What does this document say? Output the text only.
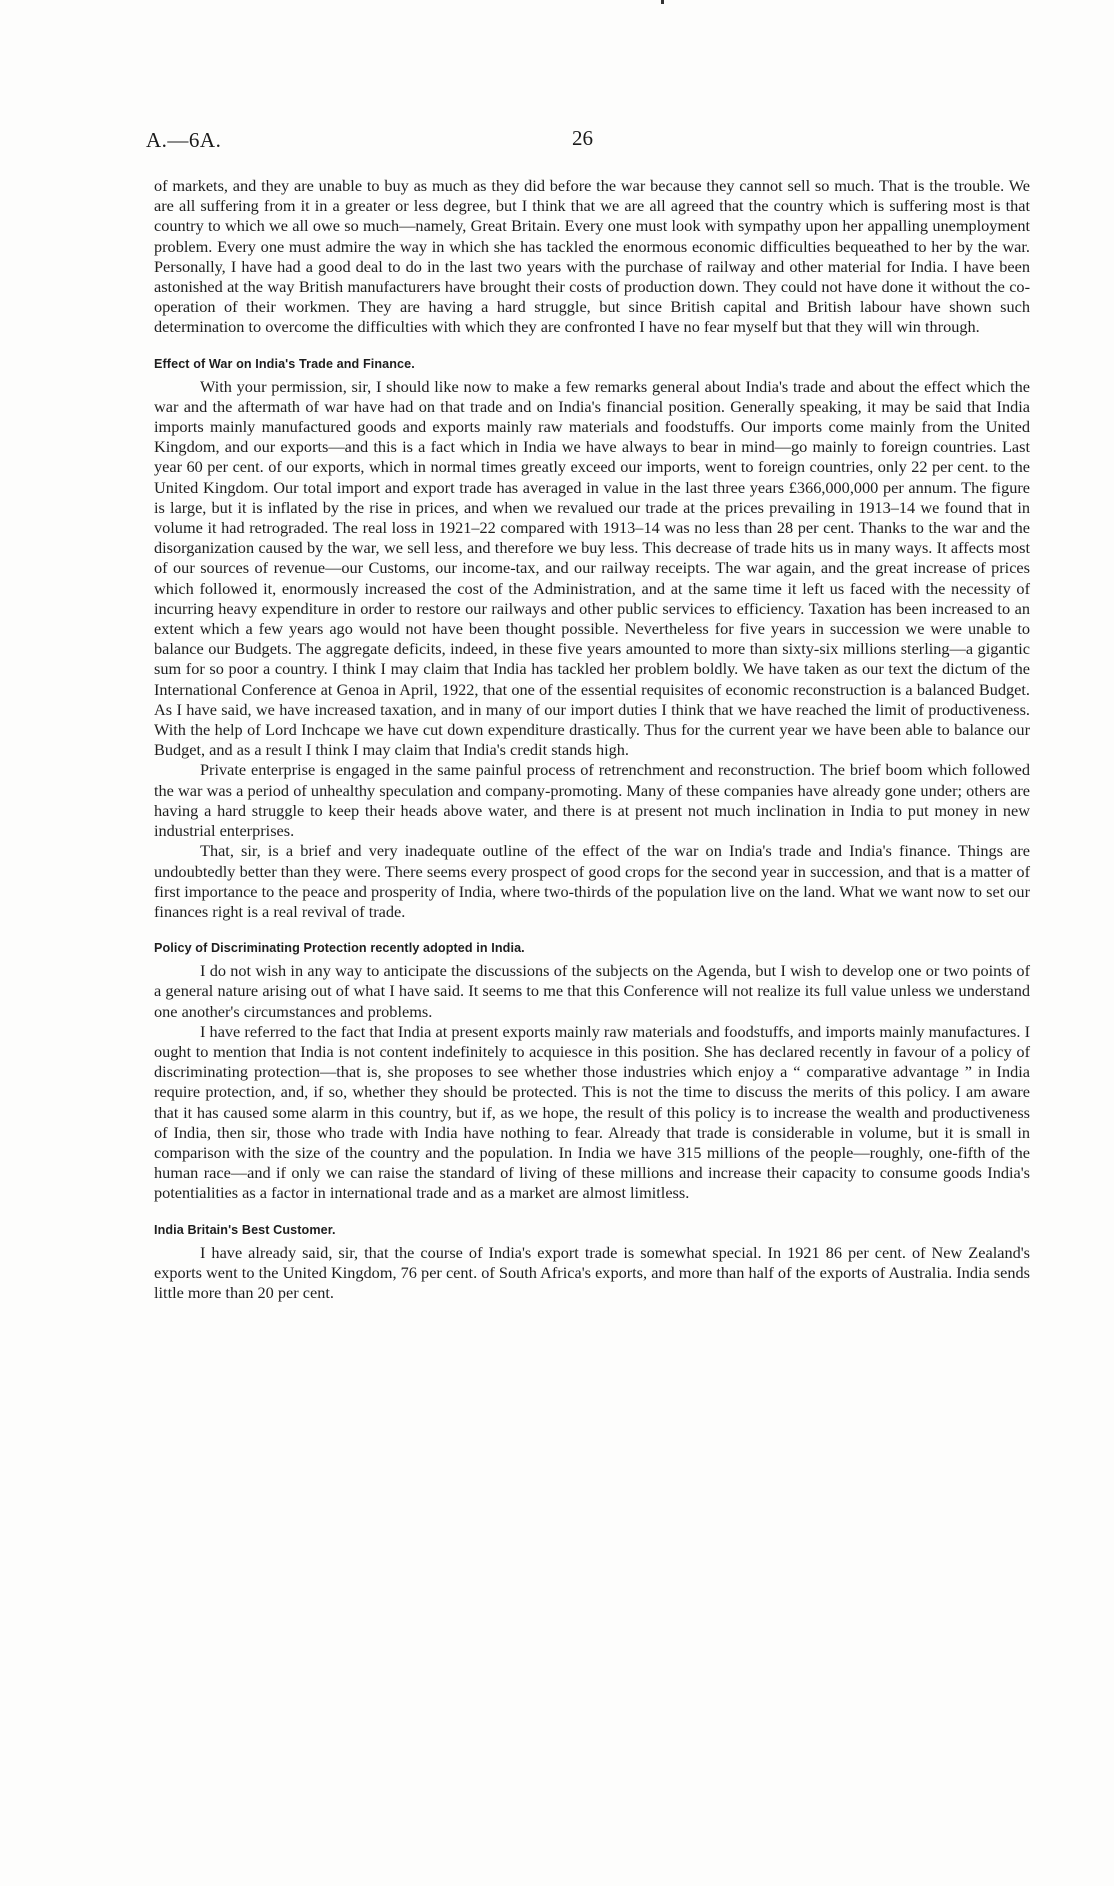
A.—6A.	26

of markets, and they are unable to buy as much as they did before the war because they cannot sell so much. That is the trouble. We are all suffering from it in a greater or less degree, but I think that we are all agreed that the country which is suffering most is that country to which we all owe so much—namely, Great Britain. Every one must look with sympathy upon her appalling unemployment problem. Every one must admire the way in which she has tackled the enormous economic difficulties bequeathed to her by the war. Personally, I have had a good deal to do in the last two years with the purchase of railway and other material for India. I have been astonished at the way British manufacturers have brought their costs of production down. They could not have done it without the co-operation of their workmen. They are having a hard struggle, but since British capital and British labour have shown such determination to overcome the difficulties with which they are confronted I have no fear myself but that they will win through.

Effect of War on India's Trade and Finance.

With your permission, sir, I should like now to make a few remarks general about India's trade and about the effect which the war and the aftermath of war have had on that trade and on India's financial position. Generally speaking, it may be said that India imports mainly manufactured goods and exports mainly raw materials and foodstuffs. Our imports come mainly from the United Kingdom, and our exports—and this is a fact which in India we have always to bear in mind—go mainly to foreign countries. Last year 60 per cent. of our exports, which in normal times greatly exceed our imports, went to foreign countries, only 22 per cent. to the United Kingdom. Our total import and export trade has averaged in value in the last three years £366,000,000 per annum. The figure is large, but it is inflated by the rise in prices, and when we revalued our trade at the prices prevailing in 1913–14 we found that in volume it had retrograded. The real loss in 1921–22 compared with 1913–14 was no less than 28 per cent. Thanks to the war and the disorganization caused by the war, we sell less, and therefore we buy less. This decrease of trade hits us in many ways. It affects most of our sources of revenue—our Customs, our income-tax, and our railway receipts. The war again, and the great increase of prices which followed it, enormously increased the cost of the Administration, and at the same time it left us faced with the necessity of incurring heavy expenditure in order to restore our railways and other public services to efficiency. Taxation has been increased to an extent which a few years ago would not have been thought possible. Nevertheless for five years in succession we were unable to balance our Budgets. The aggregate deficits, indeed, in these five years amounted to more than sixty-six millions sterling—a gigantic sum for so poor a country. I think I may claim that India has tackled her problem boldly. We have taken as our text the dictum of the International Conference at Genoa in April, 1922, that one of the essential requisites of economic reconstruction is a balanced Budget. As I have said, we have increased taxation, and in many of our import duties I think that we have reached the limit of productiveness. With the help of Lord Inchcape we have cut down expenditure drastically. Thus for the current year we have been able to balance our Budget, and as a result I think I may claim that India's credit stands high.

Private enterprise is engaged in the same painful process of retrenchment and reconstruction. The brief boom which followed the war was a period of unhealthy speculation and company-promoting. Many of these companies have already gone under; others are having a hard struggle to keep their heads above water, and there is at present not much inclination in India to put money in new industrial enterprises.

That, sir, is a brief and very inadequate outline of the effect of the war on India's trade and India's finance. Things are undoubtedly better than they were. There seems every prospect of good crops for the second year in succession, and that is a matter of first importance to the peace and prosperity of India, where two-thirds of the population live on the land. What we want now to set our finances right is a real revival of trade.

Policy of Discriminating Protection recently adopted in India.

I do not wish in any way to anticipate the discussions of the subjects on the Agenda, but I wish to develop one or two points of a general nature arising out of what I have said. It seems to me that this Conference will not realize its full value unless we understand one another's circumstances and problems.

I have referred to the fact that India at present exports mainly raw materials and foodstuffs, and imports mainly manufactures. I ought to mention that India is not content indefinitely to acquiesce in this position. She has declared recently in favour of a policy of discriminating protection—that is, she proposes to see whether those industries which enjoy a “ comparative advantage ” in India require protection, and, if so, whether they should be protected. This is not the time to discuss the merits of this policy. I am aware that it has caused some alarm in this country, but if, as we hope, the result of this policy is to increase the wealth and productiveness of India, then sir, those who trade with India have nothing to fear. Already that trade is considerable in volume, but it is small in comparison with the size of the country and the population. In India we have 315 millions of the people—roughly, one-fifth of the human race—and if only we can raise the standard of living of these millions and increase their capacity to consume goods India's potentialities as a factor in international trade and as a market are almost limitless.

India Britain's Best Customer.

I have already said, sir, that the course of India's export trade is somewhat special. In 1921 86 per cent. of New Zealand's exports went to the United Kingdom, 76 per cent. of South Africa's exports, and more than half of the exports of Australia. India sends little more than 20 per cent.
